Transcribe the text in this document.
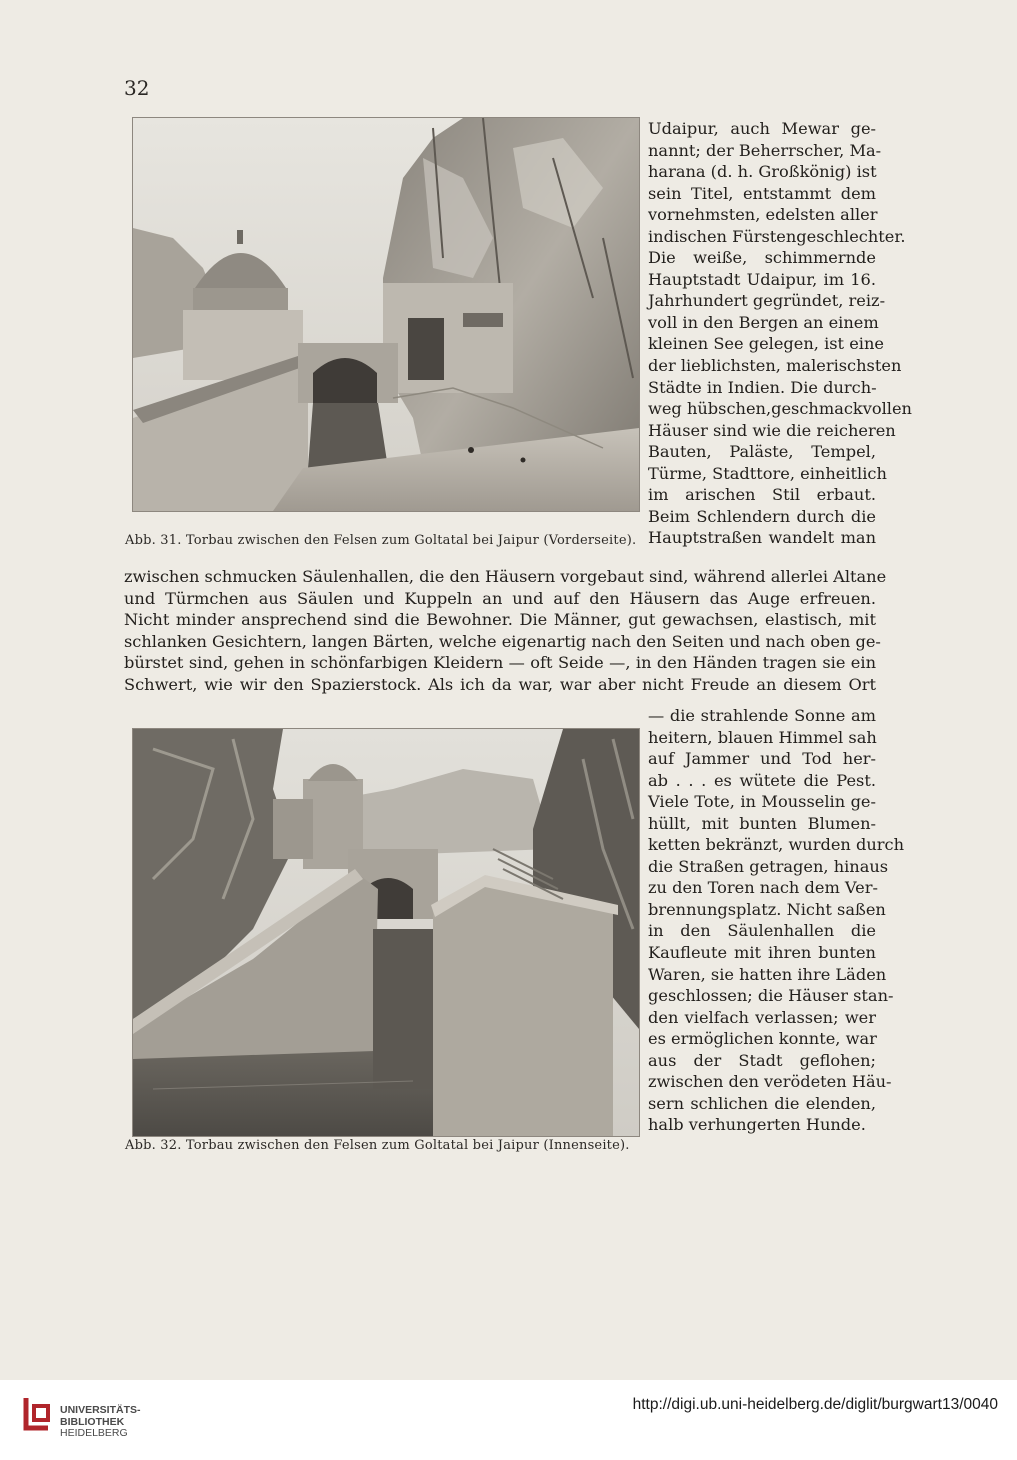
32
Abb. 31. Torbau zwischen den Felsen zum Goltatal bei Jaipur (Vorderseite).
Udaipur, auch Mewar ge-
nannt; der Beherrscher, Ma-
harana (d. h. Großkönig) ist
sein Titel, entstammt dem
vornehmsten, edelsten aller
indischen Fürstengeschlechter.
Die weiße, schimmernde
Hauptstadt Udaipur, im 16.
Jahrhundert gegründet, reiz-
voll in den Bergen an einem
kleinen See gelegen, ist eine
der lieblichsten, malerischsten
Städte in Indien. Die durch-
weg hübschen,geschmackvollen
Häuser sind wie die reicheren
Bauten, Paläste, Tempel,
Türme, Stadttore, einheitlich
im arischen Stil erbaut.
Beim Schlendern durch die
Hauptstraßen wandelt man
zwischen schmucken Säulenhallen, die den Häusern vorgebaut sind, während allerlei Altane
und Türmchen aus Säulen und Kuppeln an und auf den Häusern das Auge erfreuen.
Nicht minder ansprechend sind die Bewohner. Die Männer, gut gewachsen, elastisch, mit
schlanken Gesichtern, langen Bärten, welche eigenartig nach den Seiten und nach oben ge-
bürstet sind, gehen in schönfarbigen Kleidern — oft Seide —, in den Händen tragen sie ein
Schwert, wie wir den Spazierstock. Als ich da war, war aber nicht Freude an diesem Ort
Abb. 32. Torbau zwischen den Felsen zum Goltatal bei Jaipur (Innenseite).
— die strahlende Sonne am
heitern, blauen Himmel sah
auf Jammer und Tod her-
ab . . . es wütete die Pest.
Viele Tote, in Mousselin ge-
hüllt, mit bunten Blumen-
ketten bekränzt, wurden durch
die Straßen getragen, hinaus
zu den Toren nach dem Ver-
brennungsplatz. Nicht saßen
in den Säulenhallen die
Kaufleute mit ihren bunten
Waren, sie hatten ihre Läden
geschlossen; die Häuser stan-
den vielfach verlassen; wer
es ermöglichen konnte, war
aus der Stadt geflohen;
zwischen den verödeten Häu-
sern schlichen die elenden,
halb verhungerten Hunde.
UNIVERSITÄTS-
BIBLIOTHEK
HEIDELBERG
http://digi.ub.uni-heidelberg.de/diglit/burgwart13/0040
